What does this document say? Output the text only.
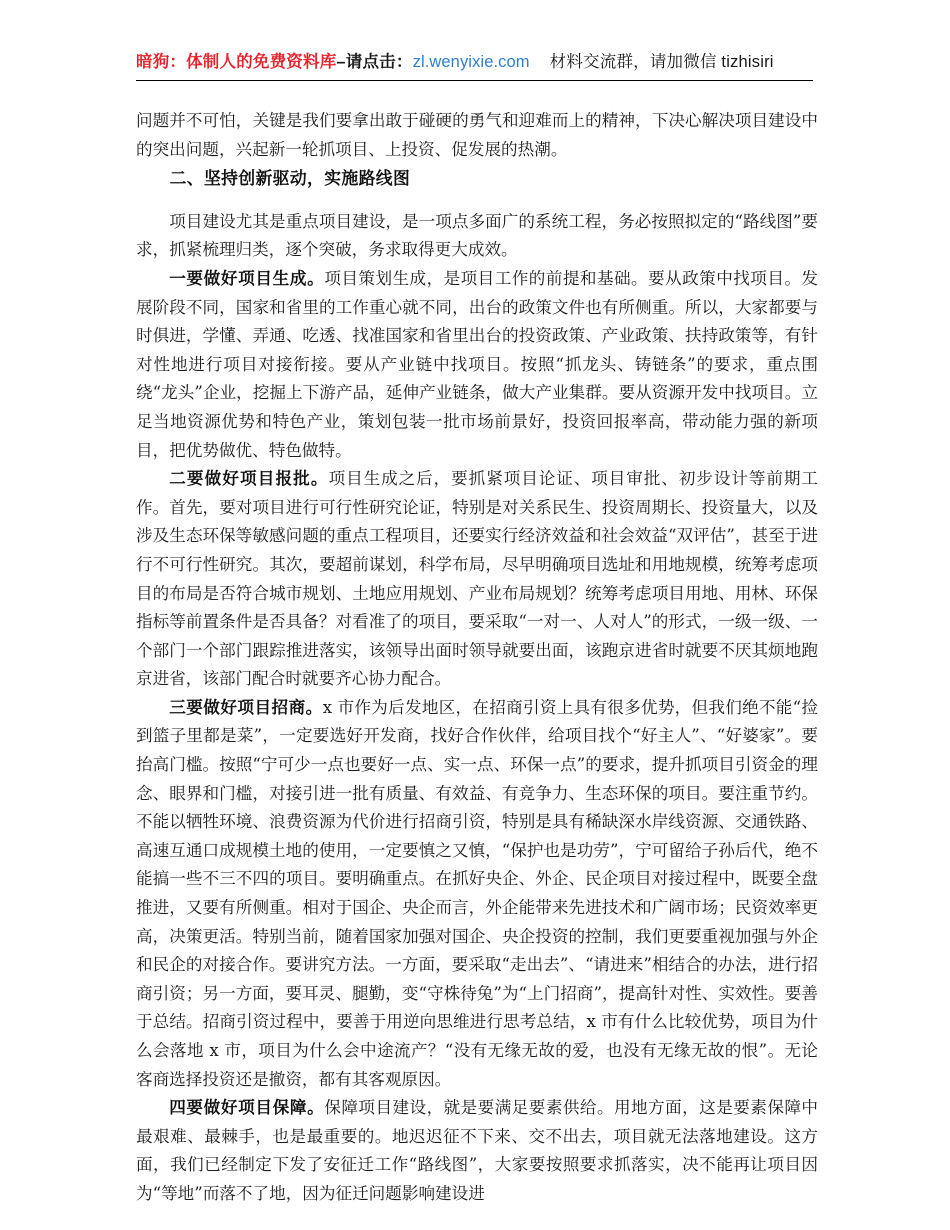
暗狗：体制人的免费资料库 –请点击： zl.wenyixie.com 材料交流群，请加微信 tizhisiri

问题并不可怕，关键是我们要拿出敢于碰硬的勇气和迎难而上的精神，下决心解决项目建设中的突出问题，兴起新一轮抓项目、上投资、促发展的热潮。

二、坚持创新驱动，实施路线图

项目建设尤其是重点项目建设，是一项点多面广的系统工程，务必按照拟定的“路线图”要求，抓紧梳理归类，逐个突破，务求取得更大成效。

一要做好项目生成。项目策划生成，是项目工作的前提和基础。要从政策中找项目。发展阶段不同，国家和省里的工作重心就不同，出台的政策文件也有所侧重。所以，大家都要与时俱进，学懂、弄通、吃透、找准国家和省里出台的投资政策、产业政策、扶持政策等，有针对性地进行项目对接衔接。要从产业链中找项目。按照“抓龙头、铸链条”的要求，重点围绕“龙头”企业，挖掘上下游产品，延伸产业链条，做大产业集群。要从资源开发中找项目。立足当地资源优势和特色产业，策划包装一批市场前景好，投资回报率高，带动能力强的新项目，把优势做优、特色做特。

二要做好项目报批。项目生成之后，要抓紧项目论证、项目审批、初步设计等前期工作。首先，要对项目进行可行性研究论证，特别是对关系民生、投资周期长、投资量大，以及涉及生态环保等敏感问题的重点工程项目，还要实行经济效益和社会效益“双评估”，甚至于进行不可行性研究。其次，要超前谋划，科学布局，尽早明确项目选址和用地规模，统筹考虑项目的布局是否符合城市规划、土地应用规划、产业布局规划？统筹考虑项目用地、用林、环保指标等前置条件是否具备？对看准了的项目，要采取“一对一、人对人”的形式，一级一级、一个部门一个部门跟踪推进落实，该领导出面时领导就要出面，该跑京进省时就要不厌其烦地跑京进省，该部门配合时就要齐心协力配合。

三要做好项目招商。x 市作为后发地区，在招商引资上具有很多优势，但我们绝不能“捡到篮子里都是菜”，一定要选好开发商，找好合作伙伴，给项目找个“好主人”、“好婆家”。要抬高门槛。按照“宁可少一点也要好一点、实一点、环保一点”的要求，提升抓项目引资金的理念、眼界和门槛，对接引进一批有质量、有效益、有竞争力、生态环保的项目。要注重节约。不能以牺牲环境、浪费资源为代价进行招商引资，特别是具有稀缺深水岸线资源、交通铁路、高速互通口成规模土地的使用，一定要慎之又慎，“保护也是功劳”，宁可留给子孙后代，绝不能搞一些不三不四的项目。要明确重点。在抓好央企、外企、民企项目对接过程中，既要全盘推进，又要有所侧重。相对于国企、央企而言，外企能带来先进技术和广阔市场；民资效率更高，决策更活。特别当前，随着国家加强对国企、央企投资的控制，我们更要重视加强与外企和民企的对接合作。要讲究方法。一方面，要采取“走出去”、“请进来”相结合的办法，进行招商引资；另一方面，要耳灵、腿勤，变“守株待兔”为“上门招商”，提高针对性、实效性。要善于总结。招商引资过程中，要善于用逆向思维进行思考总结，x 市有什么比较优势，项目为什么会落地 x 市，项目为什么会中途流产？“没有无缘无故的爱，也没有无缘无故的恨”。无论客商选择投资还是撤资，都有其客观原因。

四要做好项目保障。保障项目建设，就是要满足要素供给。用地方面，这是要素保障中最艰难、最棘手，也是最重要的。地迟迟征不下来、交不出去，项目就无法落地建设。这方面，我们已经制定下发了安征迁工作“路线图”，大家要按照要求抓落实，决不能再让项目因为“等地”而落不了地，因为征迁问题影响建设进
